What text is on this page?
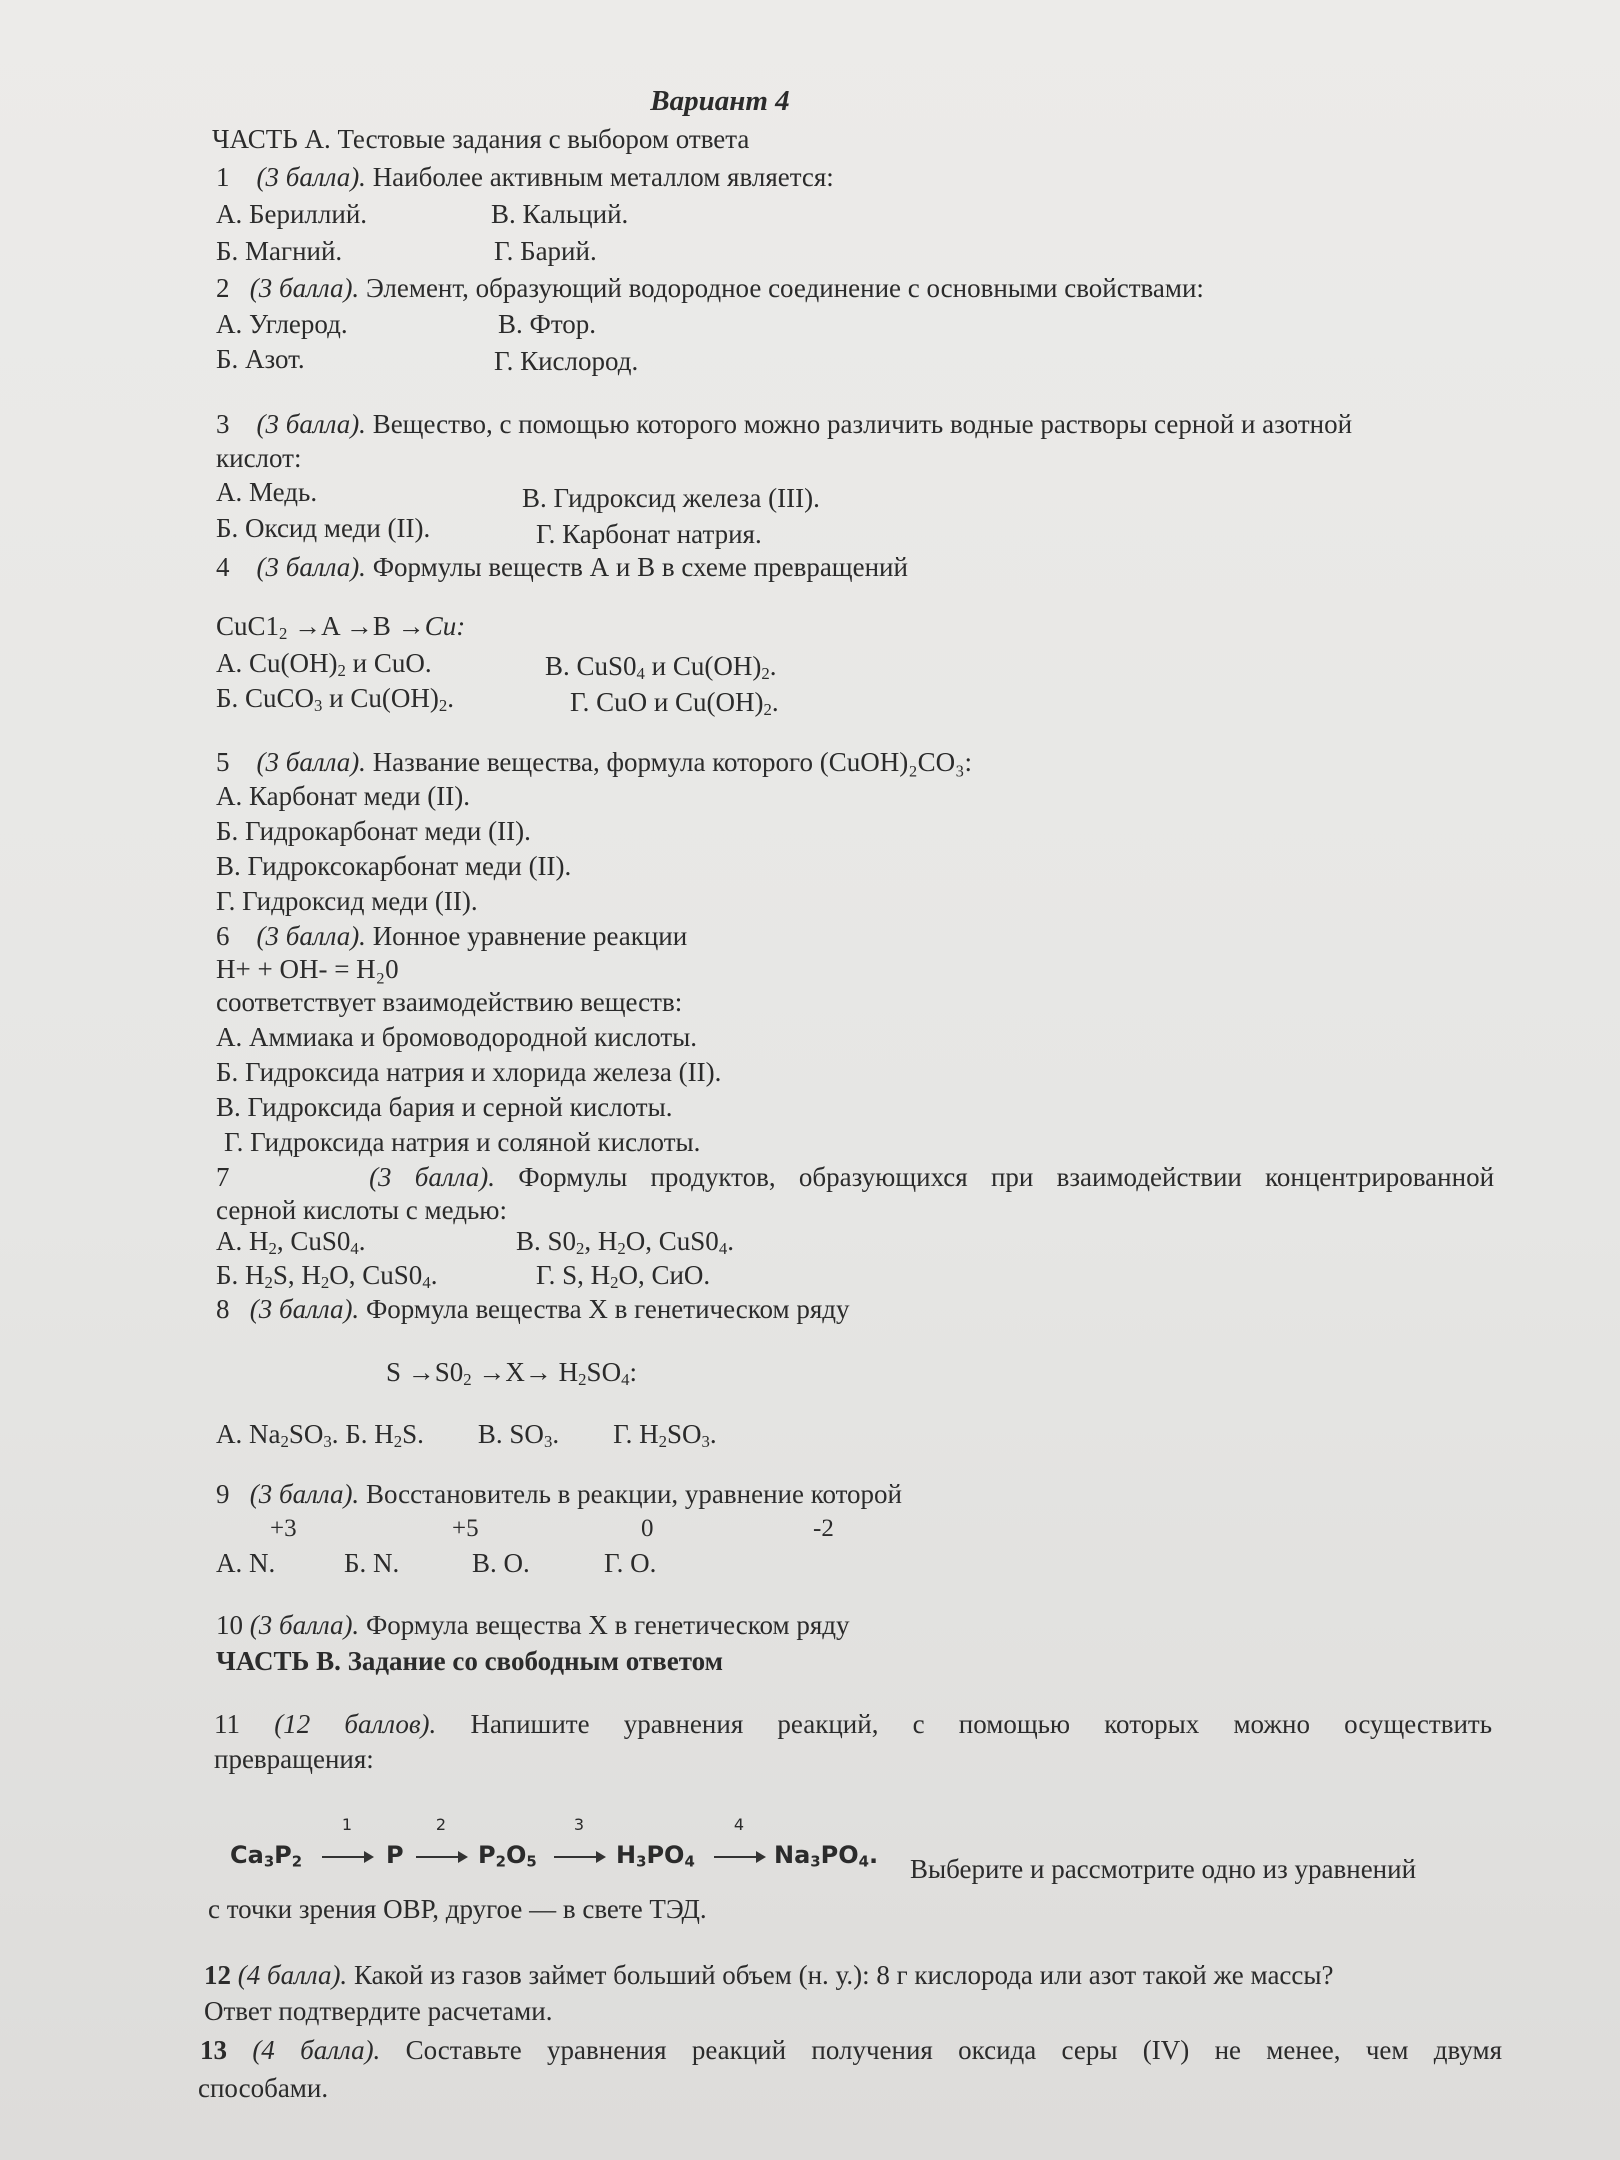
Вариант 4
ЧАСТЬ А. Тестовые задания с выбором ответа
1 (3 балла). Наиболее активным металлом является:
А. Бериллий.	В. Кальций.
Б. Магний.	Г. Барий.
2 (3 балла). Элемент, образующий водородное соединение с основными свойствами:
А. Углерод.	В. Фтор.
Б. Азот.	Г. Кислород.
3 (3 балла). Вещество, с помощью которого можно различить водные растворы серной и азотной
кислот:
А. Медь.	В. Гидроксид железа (III).
Б. Оксид меди (II).	Г. Карбонат натрия.
4 (3 балла). Формулы веществ А и В в схеме превращений
$CuC1_2 \to A \to B \to Cu$:
А. $Cu(OH)_2$ и CuO.	В. $CuS0_4$ и $Cu(OH)_2$.
Б. CuCO$_3$ и $Cu(OH)_2$.	Г. CuO и $Cu(OH)_2$.
5 (3 балла). Название вещества, формула которого (CuOH)₂CO₃:
А. Карбонат меди (II).
Б. Гидрокарбонат меди (II).
В. Гидроксокарбонат меди (II).
Г. Гидроксид меди (II).
6 (3 балла). Ионное уравнение реакции
H+ + OH- = H₂0
соответствует взаимодействию веществ:
А. Аммиака и бромоводородной кислоты.
Б. Гидроксида натрия и хлорида железа (II).
В. Гидроксида бария и серной кислоты.
Г. Гидроксида натрия и соляной кислоты.
7	(3 балла). Формулы продуктов, образующихся при взаимодействии концентрированной
серной кислоты с медью:
А. $H_2$, $CuS0_4$.	В. $S0_2$, $H_2O$, $CuS0_4$.
Б. $H_2S$, $H_2O$, $CuS0_4$.	Г. S, $H_2O$, СиО.
8 (3 балла). Формула вещества X в генетическом ряду
$S \to S0_2 \to X\to H_2SO_4$:
А. $Na_2SO_3$. Б. $H_2S$.        В. $SO_3$.        Г. $H_2SO_3$.
9 (3 балла). Восстановитель в реакции, уравнение которой
+3	+5	0	-2
А. N.	Б. N.	В. O.	Г. O.
10 (3 балла). Формула вещества X в генетическом ряду
ЧАСТЬ В. Задание со свободным ответом
11 (12 баллов). Напишите уравнения реакций, с помощью которых можно осуществить
превращения:
$Ca_3P_2$
1
P
2
$P_2O_5$
3
$H_3PO_4$
4
$Na_3PO_4$. Выберите и рассмотрите одно из уравнений
с точки зрения ОВР, другое — в свете ТЭД.
12 (4 балла). Какой из газов займет больший объем (н. у.): 8 г кислорода или азот такой же массы?
Ответ подтвердите расчетами.
13 (4 балла). Составьте уравнения реакций получения оксида серы (IV) не менее, чем двумя
способами.
